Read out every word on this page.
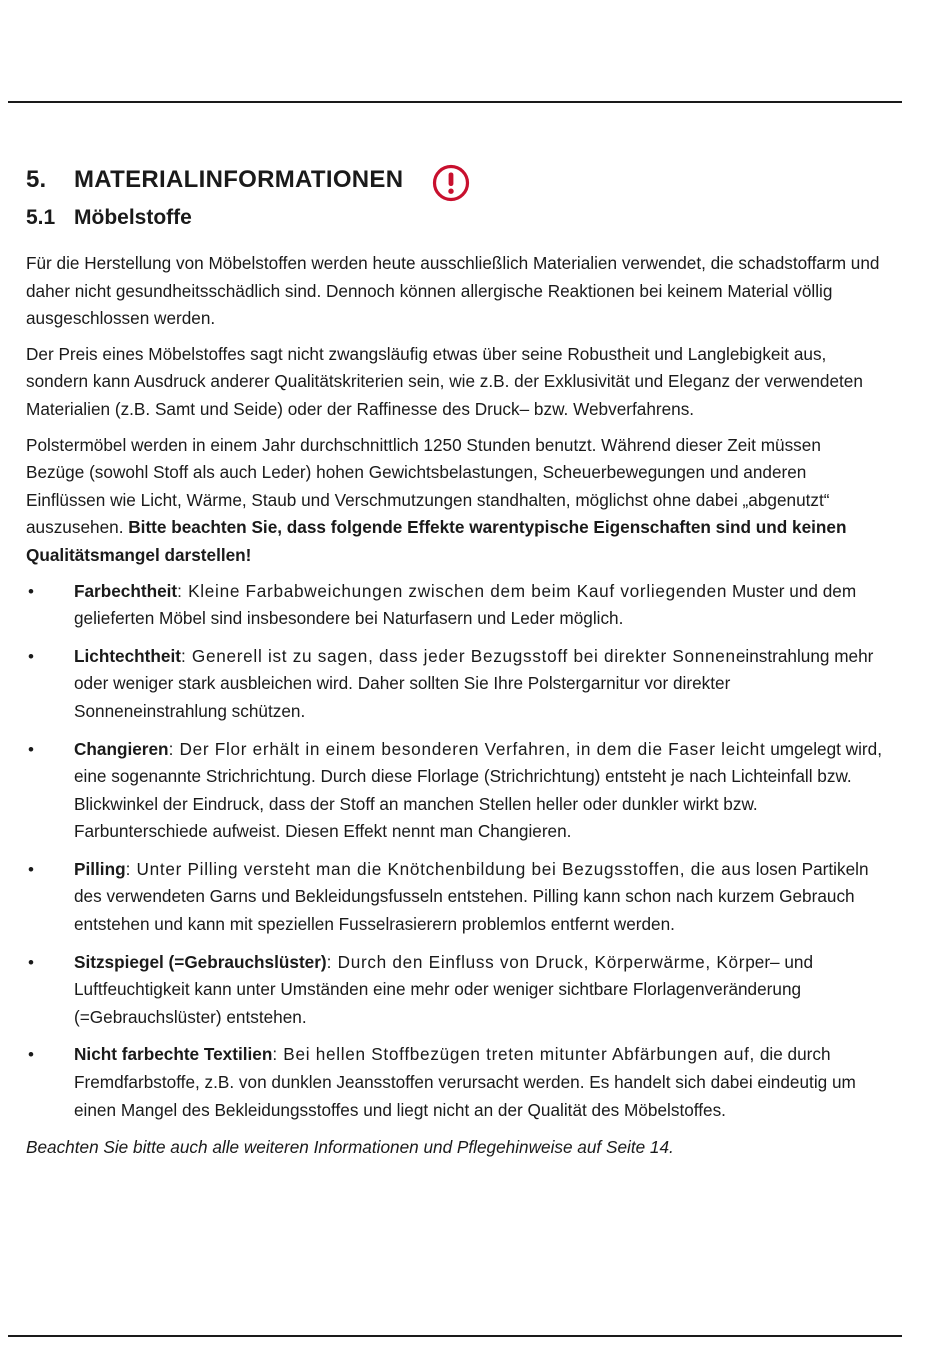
5.	MATERIALINFORMATIONEN
5.1 Möbelstoffe

Für die Herstellung von Möbelstoffen werden heute ausschließlich Materialien verwendet, die schadstoffarm und daher nicht gesundheitsschädlich sind. Dennoch können allergische Reaktionen bei keinem Material völlig ausgeschlossen werden.

Der Preis eines Möbelstoffes sagt nicht zwangsläufig etwas über seine Robustheit und Langlebigkeit aus, sondern kann Ausdruck anderer Qualitätskriterien sein, wie z.B. der Exklusivität und Eleganz der verwendeten Materialien (z.B. Samt und Seide) oder der Raffinesse des Druck– bzw. Webverfahrens.

Polstermöbel werden in einem Jahr durchschnittlich 1250 Stunden benutzt. Während dieser Zeit müssen Bezüge (sowohl Stoff als auch Leder) hohen Gewichtsbelastungen, Scheuerbewegungen und anderen Einflüssen wie Licht, Wärme, Staub und Verschmutzungen standhalten, möglichst ohne dabei „abgenutzt“ auszusehen. Bitte beachten Sie, dass folgende Effekte warentypische Eigenschaften sind und keinen Qualitätsmangel darstellen!

• Farbechtheit: Kleine Farbabweichungen zwischen dem beim Kauf vorliegenden Muster und dem gelieferten Möbel sind insbesondere bei Naturfasern und Leder möglich.
• Lichtechtheit: Generell ist zu sagen, dass jeder Bezugsstoff bei direkter Sonneneinstrahlung mehr oder weniger stark ausbleichen wird. Daher sollten Sie Ihre Polstergarnitur vor direkter Sonneneinstrahlung schützen.
• Changieren: Der Flor erhält in einem besonderen Verfahren, in dem die Faser leicht umgelegt wird, eine sogenannte Strichrichtung. Durch diese Florlage (Strichrichtung) entsteht je nach Lichteinfall bzw. Blickwinkel der Eindruck, dass der Stoff an manchen Stellen heller oder dunkler wirkt bzw. Farbunterschiede aufweist. Diesen Effekt nennt man Changieren.
• Pilling: Unter Pilling versteht man die Knötchenbildung bei Bezugsstoffen, die aus losen Partikeln des verwendeten Garns und Bekleidungsfusseln entstehen. Pilling kann schon nach kurzem Gebrauch entstehen und kann mit speziellen Fusselrasierern problemlos entfernt werden.
• Sitzspiegel (=Gebrauchslüster): Durch den Einfluss von Druck, Körperwärme, Körper– und Luftfeuchtigkeit kann unter Umständen eine mehr oder weniger sichtbare Florlagenveränderung (=Gebrauchslüster) entstehen.
• Nicht farbechte Textilien: Bei hellen Stoffbezügen treten mitunter Abfärbungen auf, die durch Fremdfarbstoffe, z.B. von dunklen Jeansstoffen verursacht werden. Es handelt sich dabei eindeutig um einen Mangel des Bekleidungsstoffes und liegt nicht an der Qualität des Möbelstoffes.

Beachten Sie bitte auch alle weiteren Informationen und Pflegehinweise auf Seite 14.
